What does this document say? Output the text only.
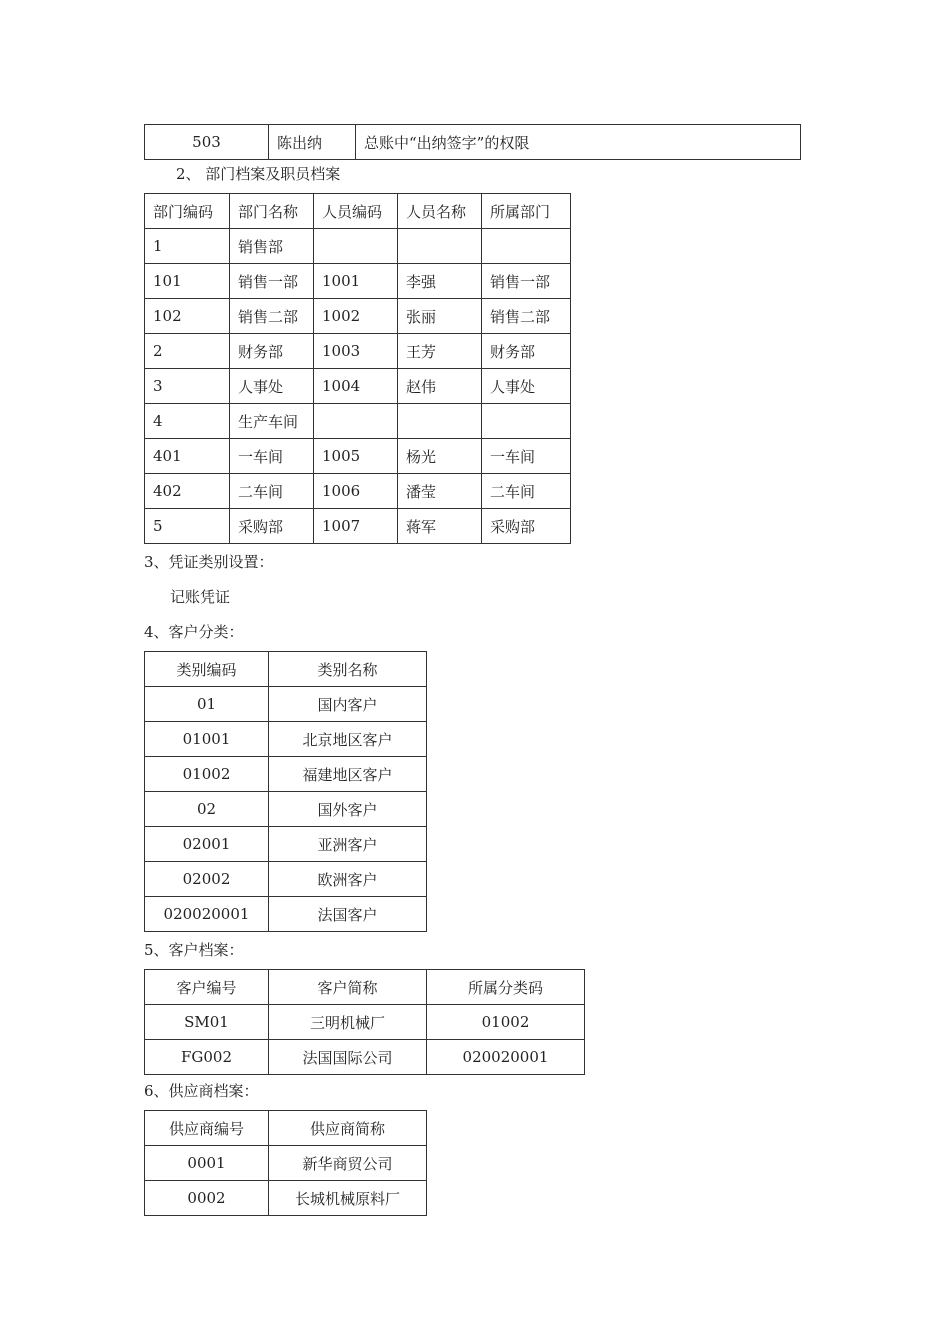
503	陈出纳	总账中“出纳签字”的权限
2、 部门档案及职员档案
部门编码	部门名称	人员编码	人员名称	所属部门
1	销售部			
101	销售一部	1001	李强	销售一部
102	销售二部	1002	张丽	销售二部
2	财务部	1003	王芳	财务部
3	人事处	1004	赵伟	人事处
4	生产车间			
401	一车间	1005	杨光	一车间
402	二车间	1006	潘莹	二车间
5	采购部	1007	蒋军	采购部
3、凭证类别设置：
记账凭证
4、客户分类：
类别编码	类别名称
01	国内客户
01001	北京地区客户
01002	福建地区客户
02	国外客户
02001	亚洲客户
02002	欧洲客户
020020001	法国客户
5、客户档案：
客户编号	客户简称	所属分类码
SM01	三明机械厂	01002
FG002	法国国际公司	020020001
6、供应商档案：
供应商编号	供应商简称
0001	新华商贸公司
0002	长城机械原料厂
